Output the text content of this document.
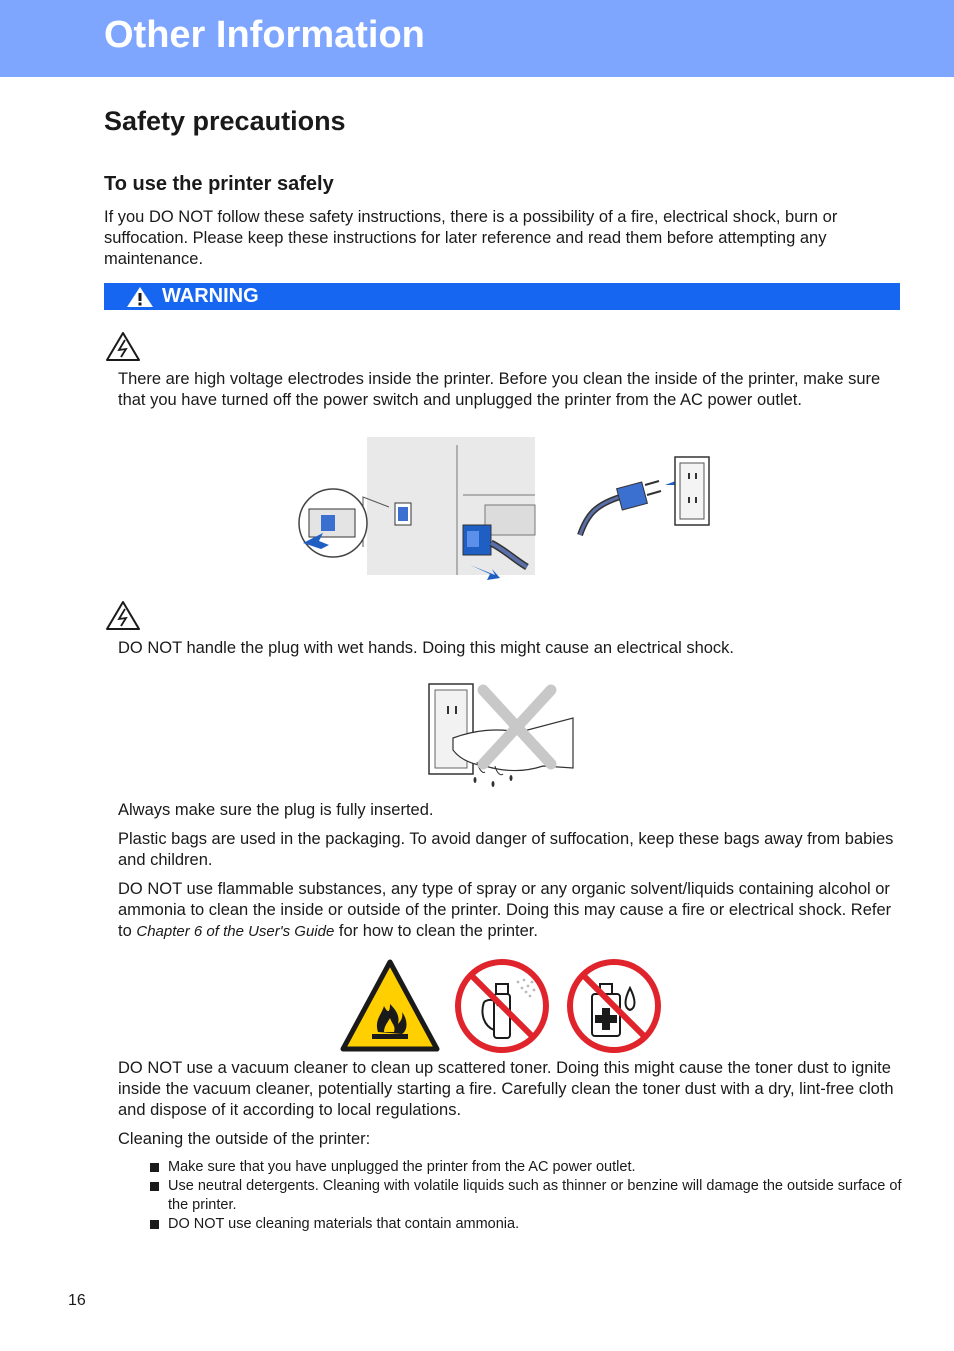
Other Information
Safety precautions
To use the printer safely

If you DO NOT follow these safety instructions, there is a possibility of a fire, electrical shock, burn or suffocation. Please keep these instructions for later reference and read them before attempting any maintenance.

WARNING

There are high voltage electrodes inside the printer. Before you clean the inside of the printer, make sure that you have turned off the power switch and unplugged the printer from the AC power outlet.

DO NOT handle the plug with wet hands. Doing this might cause an electrical shock.

Always make sure the plug is fully inserted.

Plastic bags are used in the packaging. To avoid danger of suffocation, keep these bags away from babies and children.

DO NOT use flammable substances, any type of spray or any organic solvent/liquids containing alcohol or ammonia to clean the inside or outside of the printer. Doing this may cause a fire or electrical shock. Refer to Chapter 6 of the User's Guide for how to clean the printer.

DO NOT use a vacuum cleaner to clean up scattered toner. Doing this might cause the toner dust to ignite inside the vacuum cleaner, potentially starting a fire. Carefully clean the toner dust with a dry, lint-free cloth and dispose of it according to local regulations.

Cleaning the outside of the printer:

Make sure that you have unplugged the printer from the AC power outlet.
Use neutral detergents. Cleaning with volatile liquids such as thinner or benzine will damage the outside surface of the printer.
DO NOT use cleaning materials that contain ammonia.
16
